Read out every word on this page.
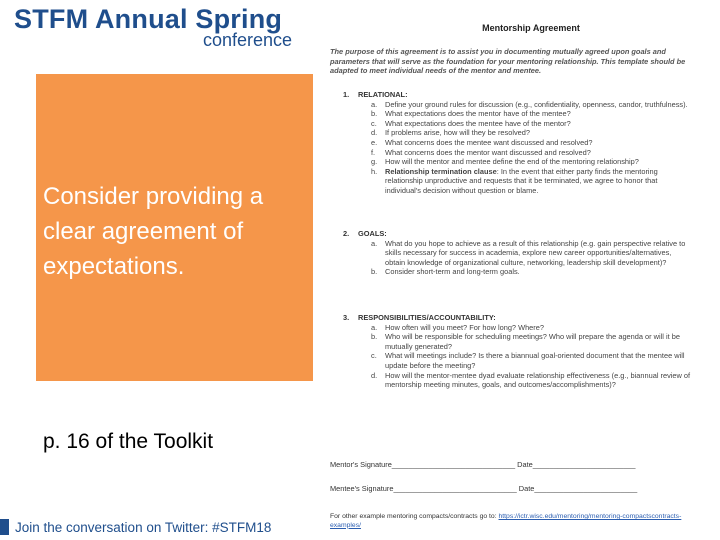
STFM Annual Spring
conference
Consider providing a clear agreement of expectations.
p. 16 of the Toolkit
Join the conversation on Twitter: #STFM18
Mentorship Agreement
The purpose of this agreement is to assist you in documenting mutually agreed upon goals and parameters that will serve as the foundation for your mentoring relationship. This template should be adapted to meet individual needs of the mentor and mentee.
1. RELATIONAL:
a. Define your ground rules for discussion (e.g., confidentiality, openness, candor, truthfulness).
b. What expectations does the mentor have of the mentee?
c. What expectations does the mentee have of the mentor?
d. If problems arise, how will they be resolved?
e. What concerns does the mentee want discussed and resolved?
f. What concerns does the mentor want discussed and resolved?
g. How will the mentor and mentee define the end of the mentoring relationship?
h. Relationship termination clause: In the event that either party finds the mentoring relationship unproductive and requests that it be terminated, we agree to honor that individual's decision without question or blame.
2. GOALS:
a. What do you hope to achieve as a result of this relationship (e.g. gain perspective relative to skills necessary for success in academia, explore new career opportunities/alternatives, obtain knowledge of organizational culture, networking, leadership skill development)?
b. Consider short-term and long-term goals.
3. RESPONSIBILITIES/ACCOUNTABILITY:
a. How often will you meet? For how long? Where?
b. Who will be responsible for scheduling meetings? Who will prepare the agenda or will it be mutually generated?
c. What will meetings include? Is there a biannual goal-oriented document that the mentee will update before the meeting?
d. How will the mentor-mentee dyad evaluate relationship effectiveness (e.g., biannual review of mentorship meeting minutes, goals, and outcomes/accomplishments)?
Mentor's Signature______________________________ Date_________________________
Mentee's Signature______________________________ Date_________________________
For other example mentoring compacts/contracts go to: https://ictr.wisc.edu/mentoring/mentoring-compactscontracts-examples/
